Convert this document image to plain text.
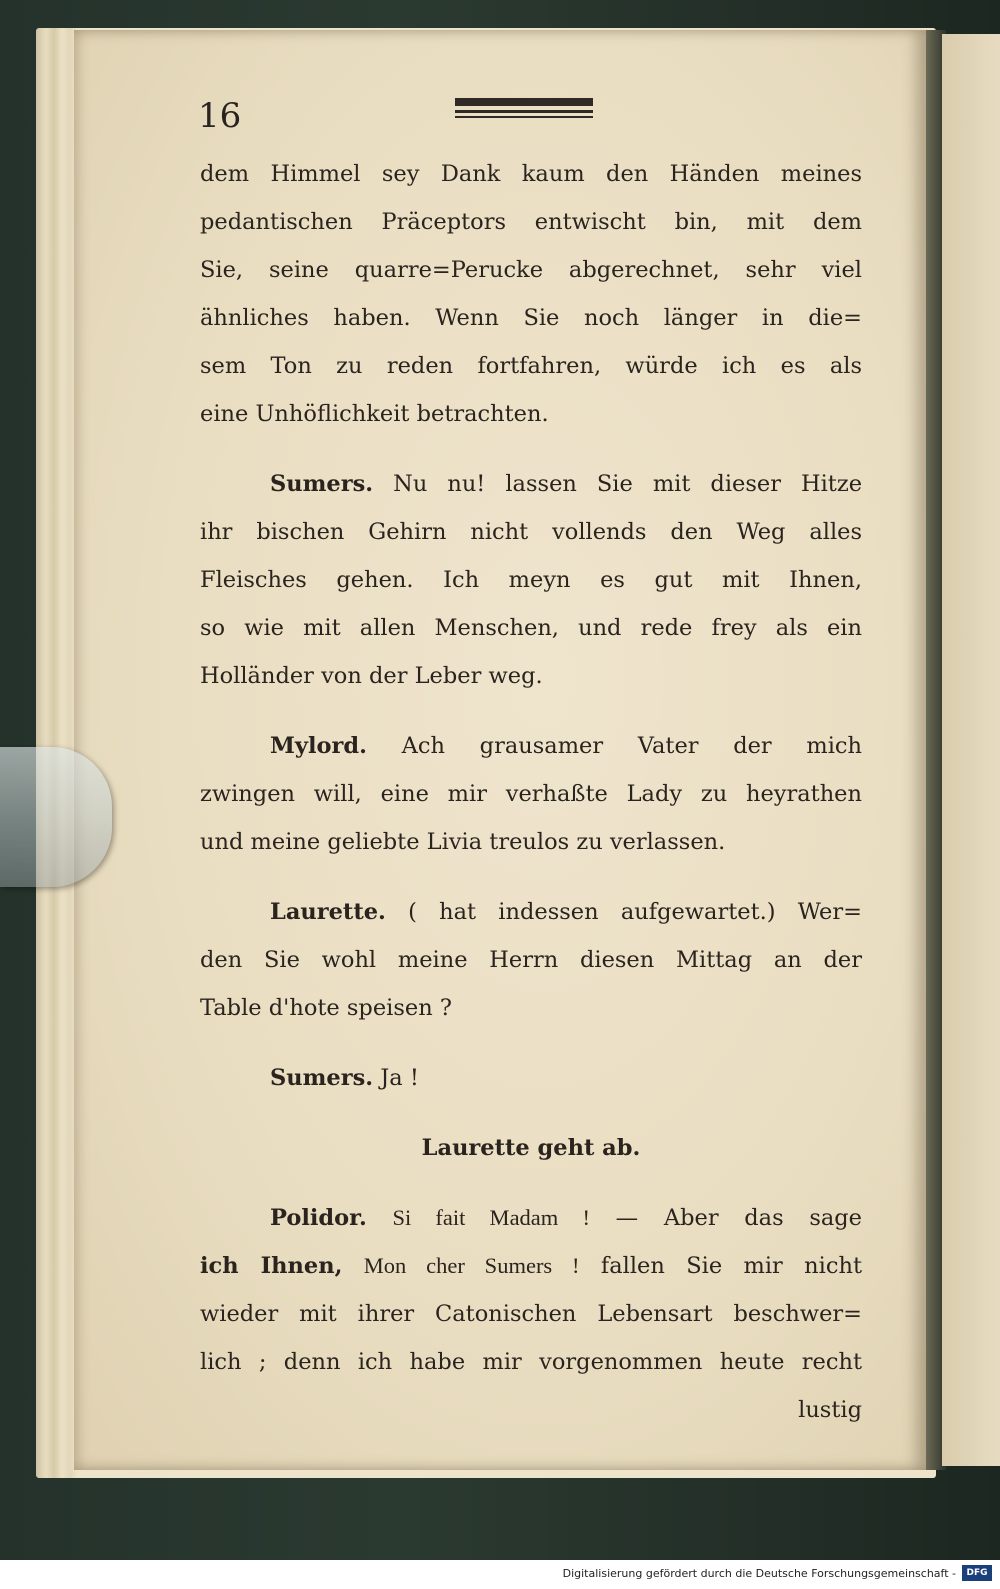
16
dem Himmel sey Dank kaum den Händen meines
pedantischen Präceptors entwischt bin, mit dem
Sie, seine quarre=Perucke abgerechnet, sehr viel
ähnliches haben. Wenn Sie noch länger in die=
sem Ton zu reden fortfahren, würde ich es als
eine Unhöflichkeit betrachten.
Sumers. Nu nu! lassen Sie mit dieser Hitze
ihr bischen Gehirn nicht vollends den Weg alles
Fleisches gehen. Ich meyn es gut mit Ihnen,
so wie mit allen Menschen, und rede frey als ein
Holländer von der Leber weg.
Mylord. Ach grausamer Vater der mich
zwingen will, eine mir verhaßte Lady zu heyrathen
und meine geliebte Livia treulos zu verlassen.
Laurette. ( hat indessen aufgewartet.) Wer=
den Sie wohl meine Herrn diesen Mittag an der
Table d'hote speisen ?
Sumers. Ja !
Laurette geht ab.
Polidor. Si fait Madam ! — Aber das sage
ich Ihnen, Mon cher Sumers ! fallen Sie mir nicht
wieder mit ihrer Catonischen Lebensart beschwer=
lich ; denn ich habe mir vorgenommen heute recht
lustig
Digitalisierung gefördert durch die Deutsche Forschungsgemeinschaft -	DFG
